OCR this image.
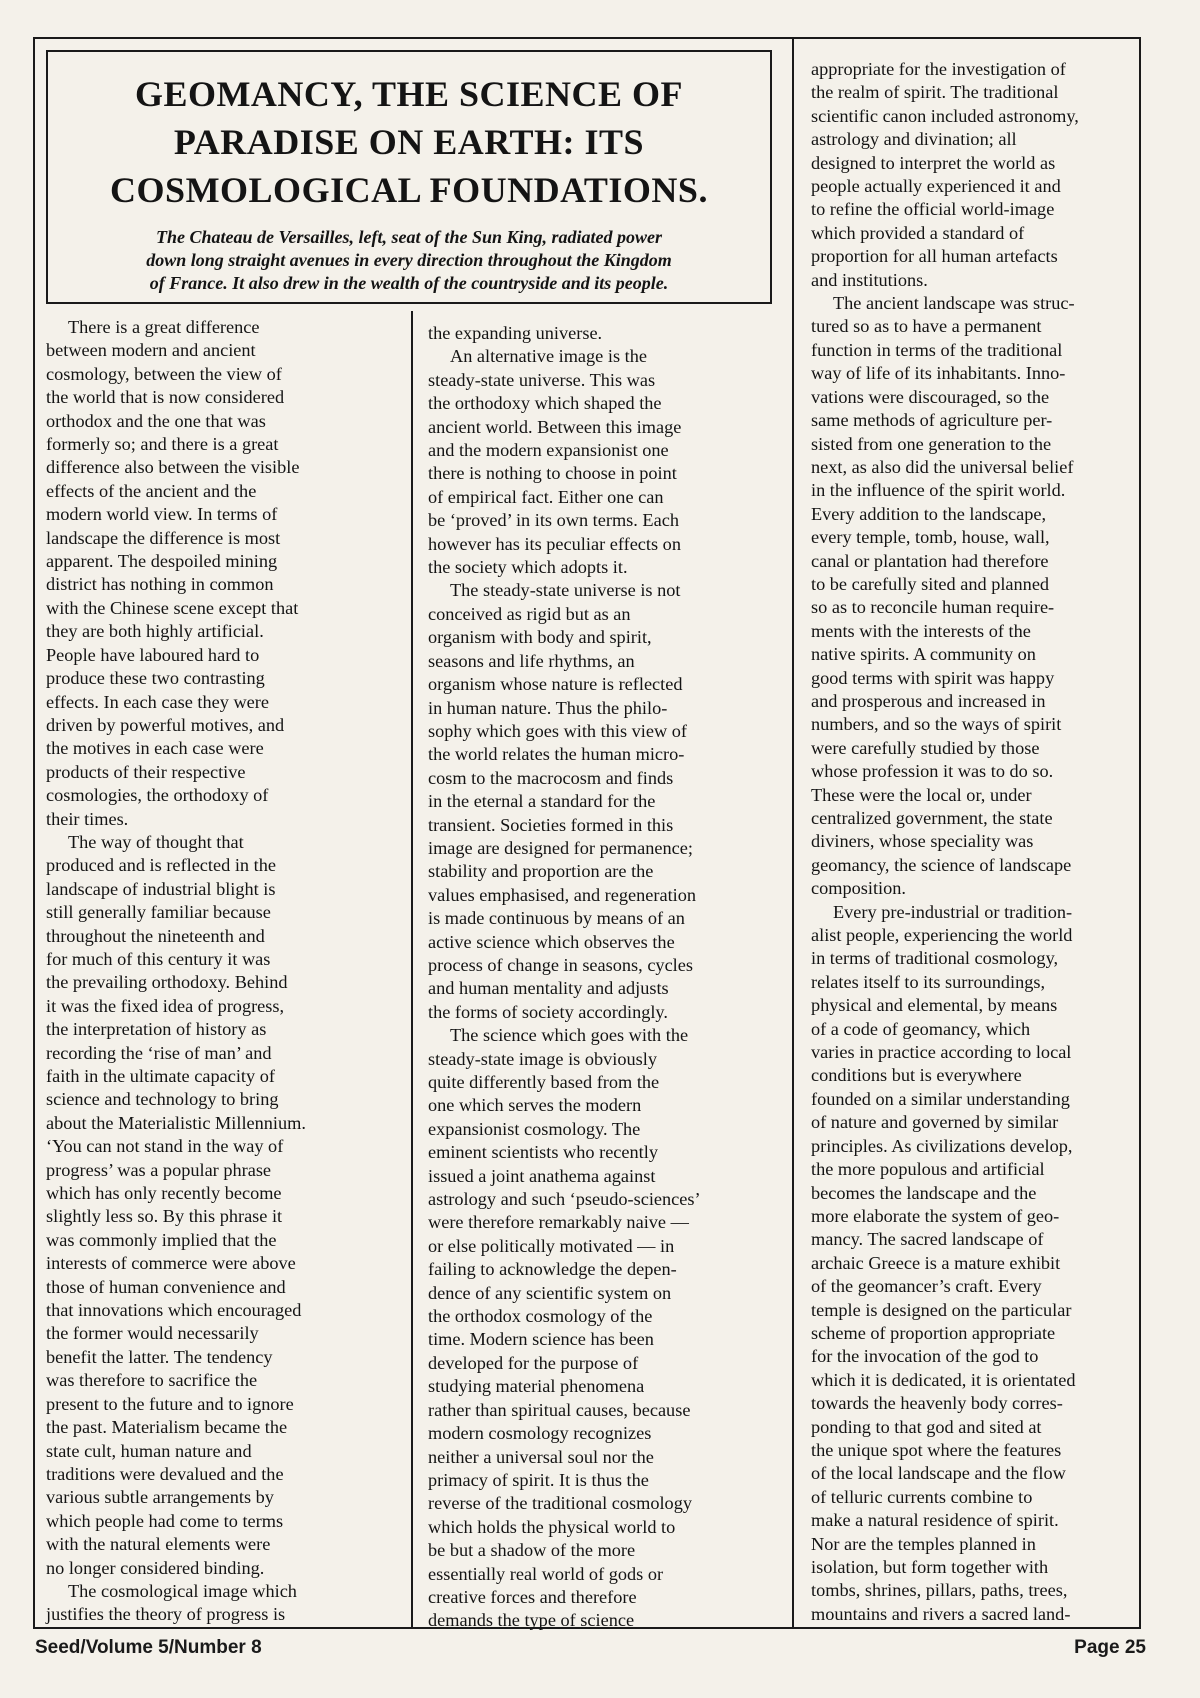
GEOMANCY, THE SCIENCE OF
PARADISE ON EARTH: ITS
COSMOLOGICAL FOUNDATIONS.
The Chateau de Versailles, left, seat of the Sun King, radiated power
down long straight avenues in every direction throughout the Kingdom
of France. It also drew in the wealth of the countryside and its people.

There is a great difference

between modern and ancient

cosmology, between the view of

the world that is now considered

orthodox and the one that was

formerly so; and there is a great

difference also between the visible

effects of the ancient and the

modern world view. In terms of

landscape the difference is most

apparent. The despoiled mining

district has nothing in common

with the Chinese scene except that

they are both highly artificial.

People have laboured hard to

produce these two contrasting

effects. In each case they were

driven by powerful motives, and

the motives in each case were

products of their respective

cosmologies, the orthodoxy of

their times.

The way of thought that

produced and is reflected in the

landscape of industrial blight is

still generally familiar because

throughout the nineteenth and

for much of this century it was

the prevailing orthodoxy. Behind

it was the fixed idea of progress,

the interpretation of history as

recording the ‘rise of man’ and

faith in the ultimate capacity of

science and technology to bring

about the Materialistic Millennium.

‘You can not stand in the way of

progress’ was a popular phrase

which has only recently become

slightly less so. By this phrase it

was commonly implied that the

interests of commerce were above

those of human convenience and

that innovations which encouraged

the former would necessarily

benefit the latter. The tendency

was therefore to sacrifice the

present to the future and to ignore

the past. Materialism became the

state cult, human nature and

traditions were devalued and the

various subtle arrangements by

which people had come to terms

with the natural elements were

no longer considered binding.

The cosmological image which

justifies the theory of progress is

the expanding universe.

An alternative image is the

steady-state universe. This was

the orthodoxy which shaped the

ancient world. Between this image

and the modern expansionist one

there is nothing to choose in point

of empirical fact. Either one can

be ‘proved’ in its own terms. Each

however has its peculiar effects on

the society which adopts it.

The steady-state universe is not

conceived as rigid but as an

organism with body and spirit,

seasons and life rhythms, an

organism whose nature is reflected

in human nature. Thus the philo-

sophy which goes with this view of

the world relates the human micro-

cosm to the macrocosm and finds

in the eternal a standard for the

transient. Societies formed in this

image are designed for permanence;

stability and proportion are the

values emphasised, and regeneration

is made continuous by means of an

active science which observes the

process of change in seasons, cycles

and human mentality and adjusts

the forms of society accordingly.

The science which goes with the

steady-state image is obviously

quite differently based from the

one which serves the modern

expansionist cosmology. The

eminent scientists who recently

issued a joint anathema against

astrology and such ‘pseudo-sciences’

were therefore remarkably naive —

or else politically motivated — in

failing to acknowledge the depen-

dence of any scientific system on

the orthodox cosmology of the

time. Modern science has been

developed for the purpose of

studying material phenomena

rather than spiritual causes, because

modern cosmology recognizes

neither a universal soul nor the

primacy of spirit. It is thus the

reverse of the traditional cosmology

which holds the physical world to

be but a shadow of the more

essentially real world of gods or

creative forces and therefore

demands the type of science

appropriate for the investigation of

the realm of spirit. The traditional

scientific canon included astronomy,

astrology and divination; all

designed to interpret the world as

people actually experienced it and

to refine the official world-image

which provided a standard of

proportion for all human artefacts

and institutions.

The ancient landscape was struc-

tured so as to have a permanent

function in terms of the traditional

way of life of its inhabitants. Inno-

vations were discouraged, so the

same methods of agriculture per-

sisted from one generation to the

next, as also did the universal belief

in the influence of the spirit world.

Every addition to the landscape,

every temple, tomb, house, wall,

canal or plantation had therefore

to be carefully sited and planned

so as to reconcile human require-

ments with the interests of the

native spirits. A community on

good terms with spirit was happy

and prosperous and increased in

numbers, and so the ways of spirit

were carefully studied by those

whose profession it was to do so.

These were the local or, under

centralized government, the state

diviners, whose speciality was

geomancy, the science of landscape

composition.

Every pre-industrial or tradition-

alist people, experiencing the world

in terms of traditional cosmology,

relates itself to its surroundings,

physical and elemental, by means

of a code of geomancy, which

varies in practice according to local

conditions but is everywhere

founded on a similar understanding

of nature and governed by similar

principles. As civilizations develop,

the more populous and artificial

becomes the landscape and the

more elaborate the system of geo-

mancy. The sacred landscape of

archaic Greece is a mature exhibit

of the geomancer’s craft. Every

temple is designed on the particular

scheme of proportion appropriate

for the invocation of the god to

which it is dedicated, it is orientated

towards the heavenly body corres-

ponding to that god and sited at

the unique spot where the features

of the local landscape and the flow

of telluric currents combine to

make a natural residence of spirit.

Nor are the temples planned in

isolation, but form together with

tombs, shrines, pillars, paths, trees,

mountains and rivers a sacred land-

Seed/Volume 5/Number 8	Page 25
